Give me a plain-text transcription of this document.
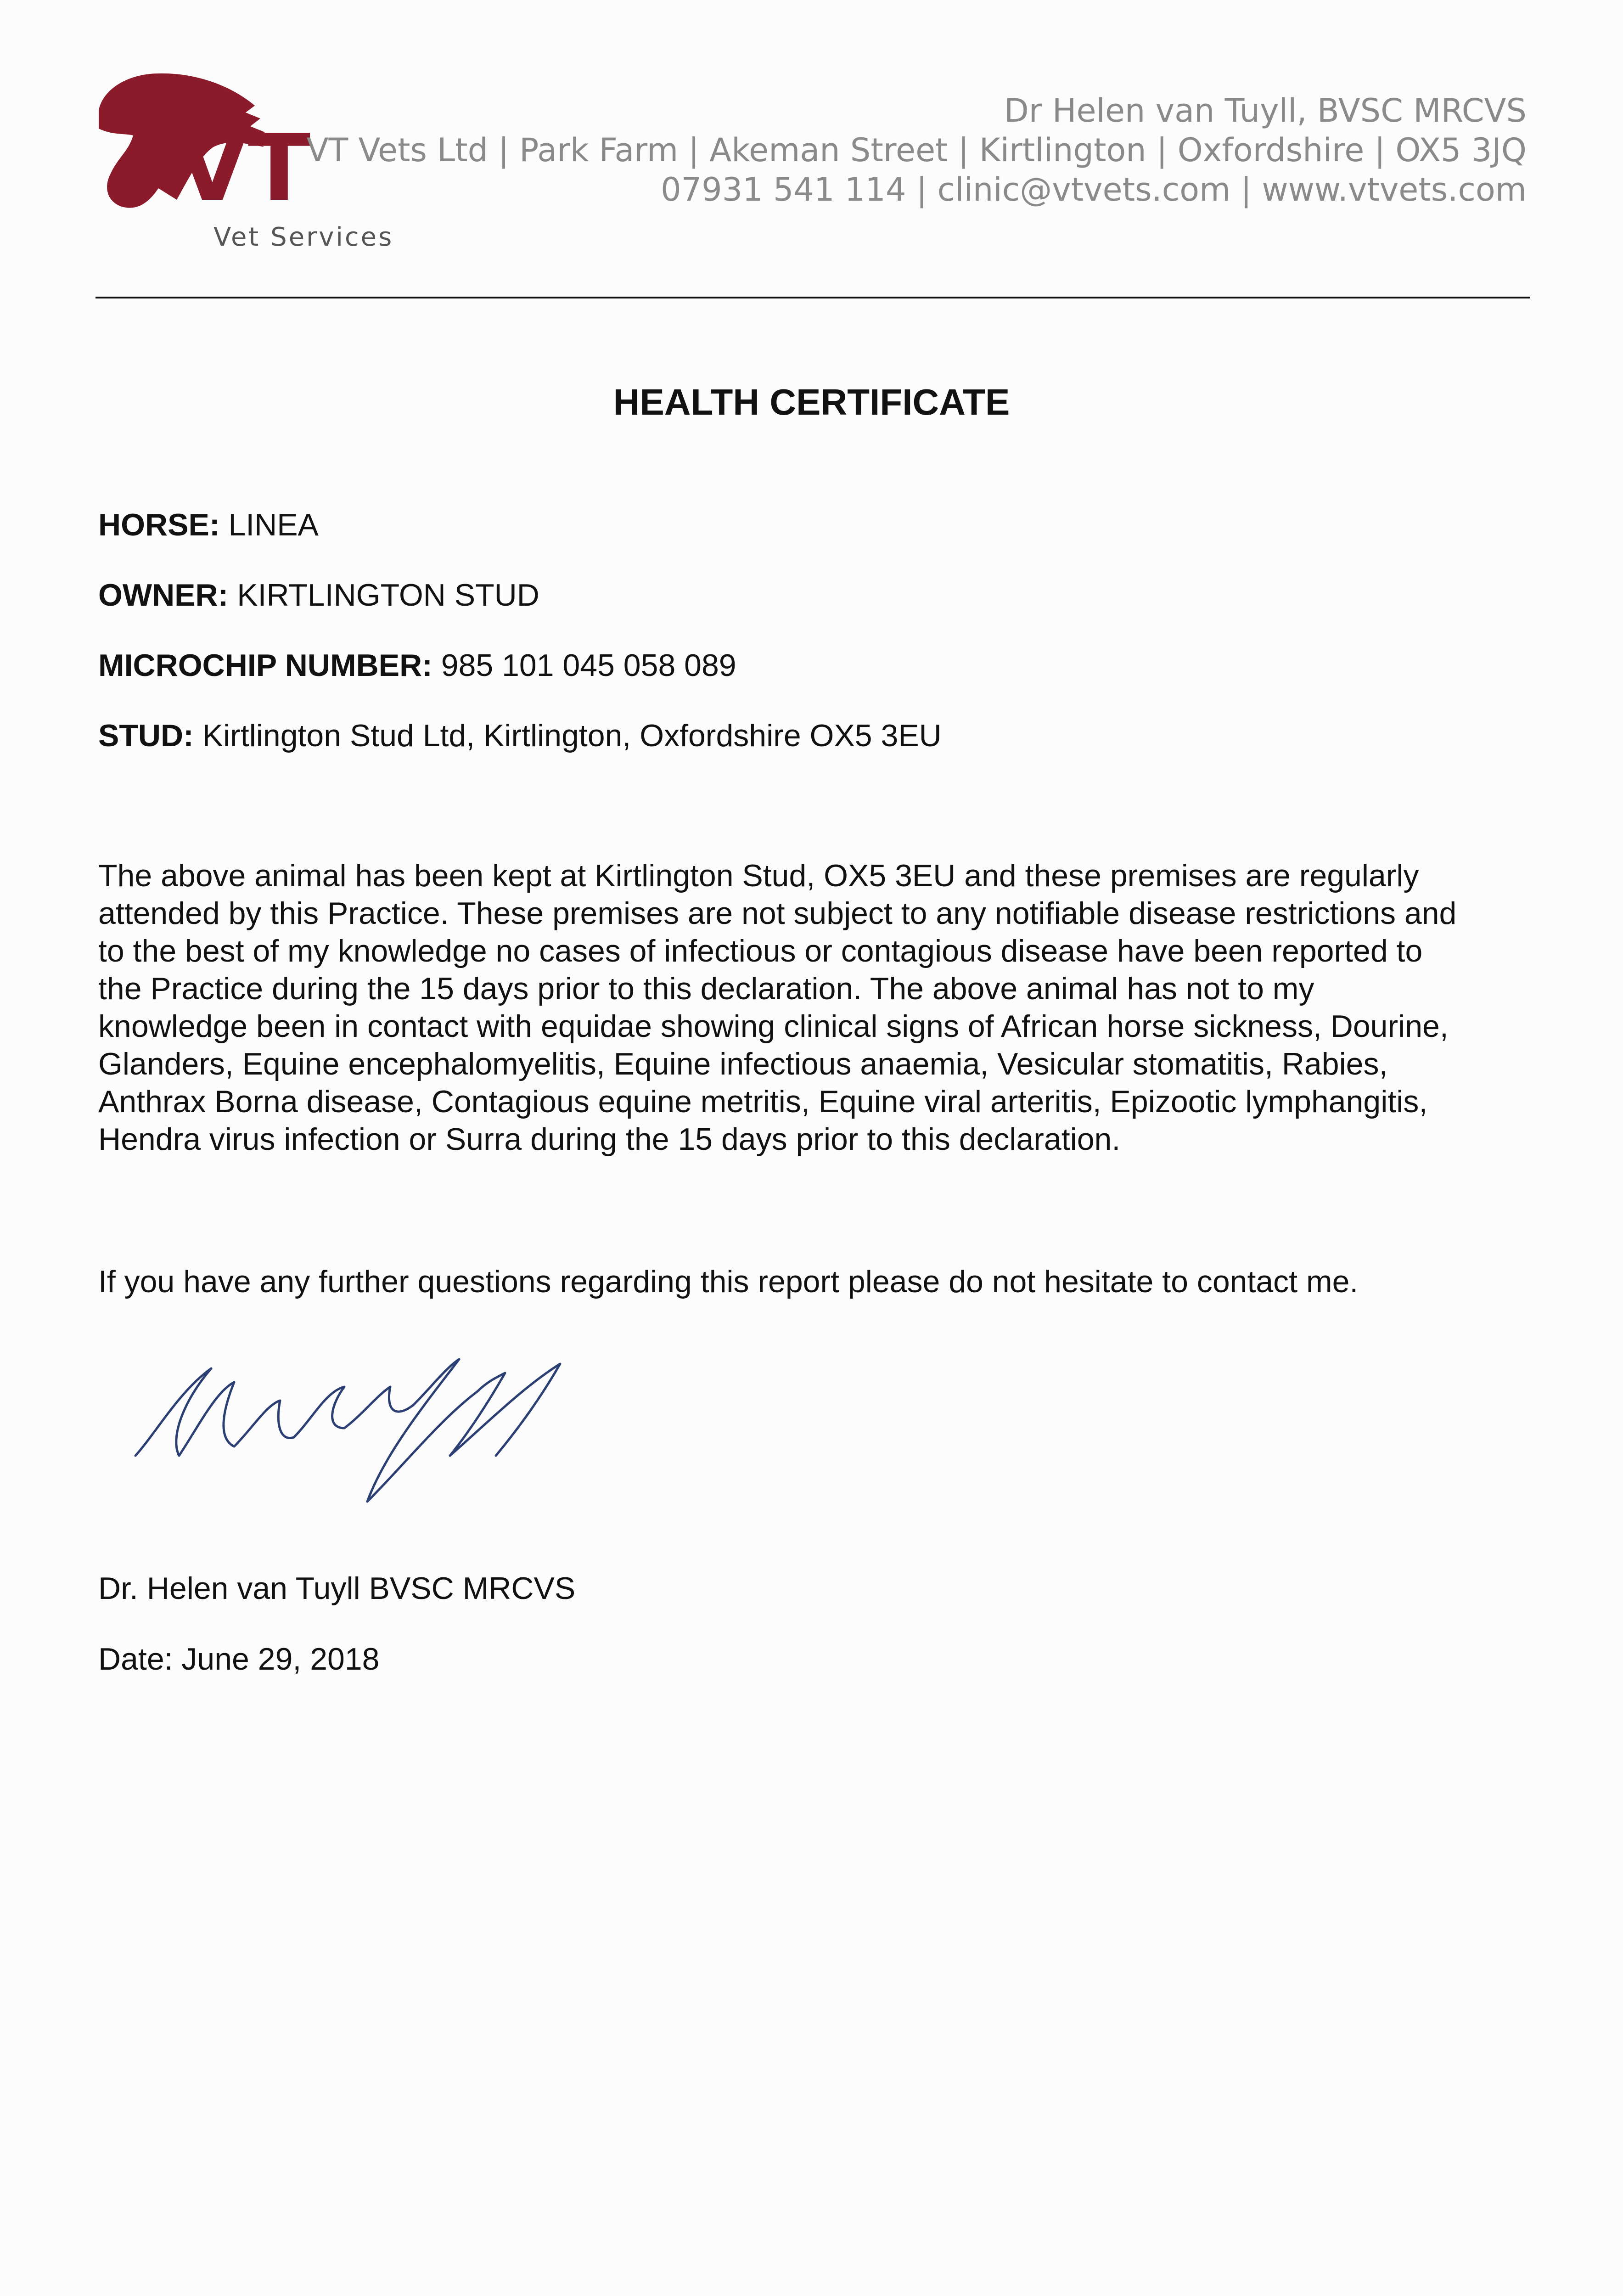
VT
Vet Services
Dr Helen van Tuyll, BVSC MRCVS
VT Vets Ltd | Park Farm | Akeman Street | Kirtlington | Oxfordshire | OX5 3JQ
07931 541 114 | clinic@vtvets.com | www.vtvets.com
HEALTH CERTIFICATE
HORSE: LINEA
OWNER: KIRTLINGTON STUD
MICROCHIP NUMBER: 985 101 045 058 089
STUD: Kirtlington Stud Ltd, Kirtlington, Oxfordshire OX5 3EU
The above animal has been kept at Kirtlington Stud, OX5 3EU and these premises are regularly
attended by this Practice. These premises are not subject to any notifiable disease restrictions and
to the best of my knowledge no cases of infectious or contagious disease have been reported to
the Practice during the 15 days prior to this declaration. The above animal has not to my
knowledge been in contact with equidae showing clinical signs of African horse sickness, Dourine,
Glanders, Equine encephalomyelitis, Equine infectious anaemia, Vesicular stomatitis, Rabies,
Anthrax Borna disease, Contagious equine metritis, Equine viral arteritis, Epizootic lymphangitis,
Hendra virus infection or Surra during the 15 days prior to this declaration.
If you have any further questions regarding this report please do not hesitate to contact me.
Dr. Helen van Tuyll BVSC MRCVS
Date: June 29, 2018
